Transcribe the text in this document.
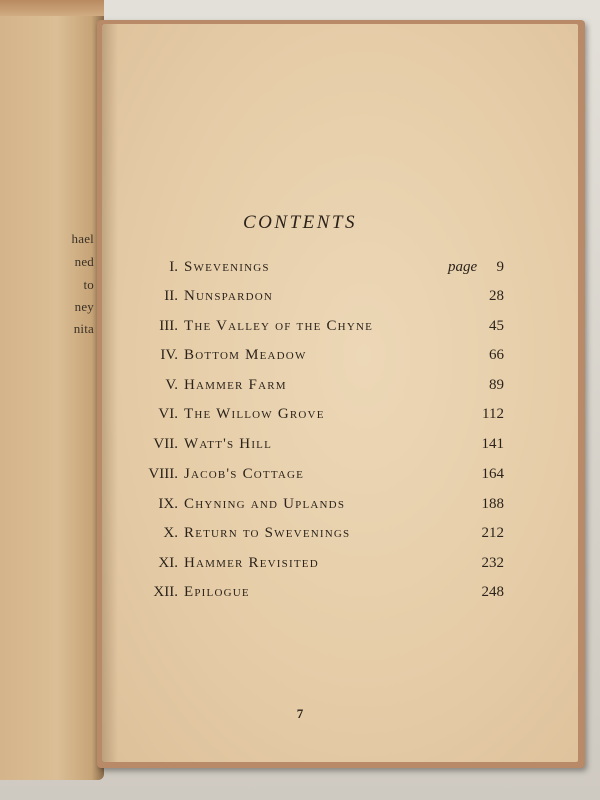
hael
ned
to
ney
nita
CONTENTS
I. Swevenings	page 9
II. Nunspardon	28
III. The Valley of the Chyne	45
IV. Bottom Meadow	66
V. Hammer Farm	89
VI. The Willow Grove	112
VII. Watt's Hill	141
VIII. Jacob's Cottage	164
IX. Chyning and Uplands	188
X. Return to Swevenings	212
XI. Hammer Revisited	232
XII. Epilogue	248
7
